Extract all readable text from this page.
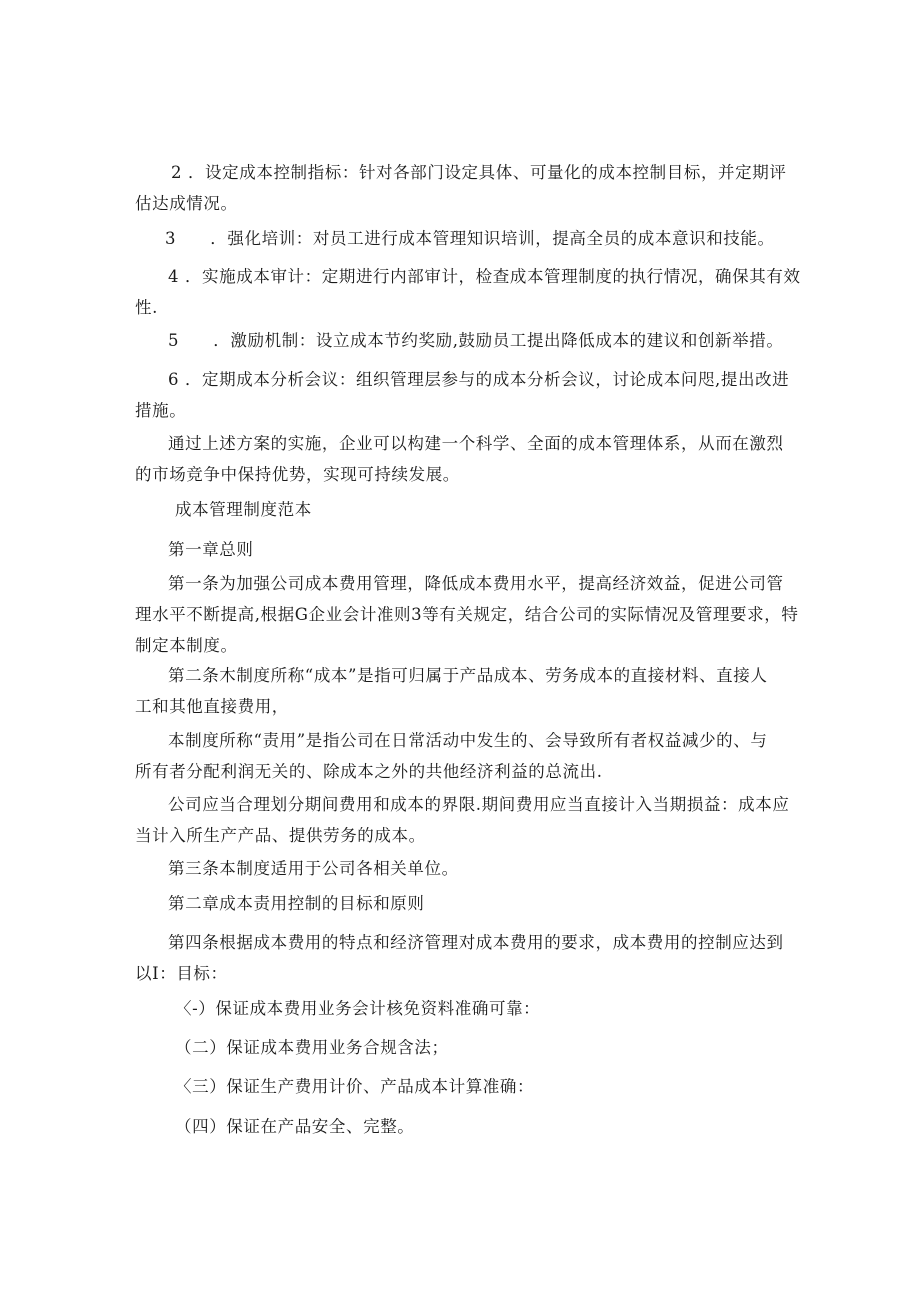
2 ．设定成本控制指标：针对各部门设定具体、可量化的成本控制目标，并定期评
估达成情况。

3　　．强化培训：对员工进行成本管理知识培训，提高全员的成本意识和技能。

4 ．实施成本审计：定期进行内部审计，检查成本管理制度的执行情况，确保其有效
性.

5　　．激励机制：设立成本节约奖励,鼓励员工提出降低成本的建议和创新举措。

6 ．定期成本分析会议：组织管理层参与的成本分析会议，讨论成本问咫,提出改进
措施。

通过上述方案的实施，企业可以构建一个科学、全面的成本管理体系，从而在激烈
的市场竞争中保持优势，实现可持续发展。

成本管理制度范本

第一章总则

第一条为加强公司成本费用管理，降低成本费用水平，提高经济效益，促进公司管
理水平不断提高,根据G企业会计准则3等有关规定，结合公司的实际情况及管理要求，特
制定本制度。

第二条木制度所称“成本”是指可归属于产品成本、劳务成本的直接材料、直接人
工和其他直接费用，

本制度所称“责用”是指公司在日常活动中发生的、会导致所有者权益减少的、与
所有者分配利润无关的、除成本之外的共他经济利益的总流出.

公司应当合理划分期间费用和成本的界限.期间费用应当直接计入当期损益：成本应
当计入所生产产品、提供劳务的成本。

第三条本制度适用于公司各相关单位。

第二章成本责用控制的目标和原则

第四条根据成本费用的特点和经济管理对成本费用的要求，成本费用的控制应达到
以I：目标：

〈-）保证成本费用业务会计核免资料准确可靠：

（二）保证成本费用业务合规含法；

〈三）保证生产费用计价、产品成本计算准确：

（四）保证在产品安全、完整。
